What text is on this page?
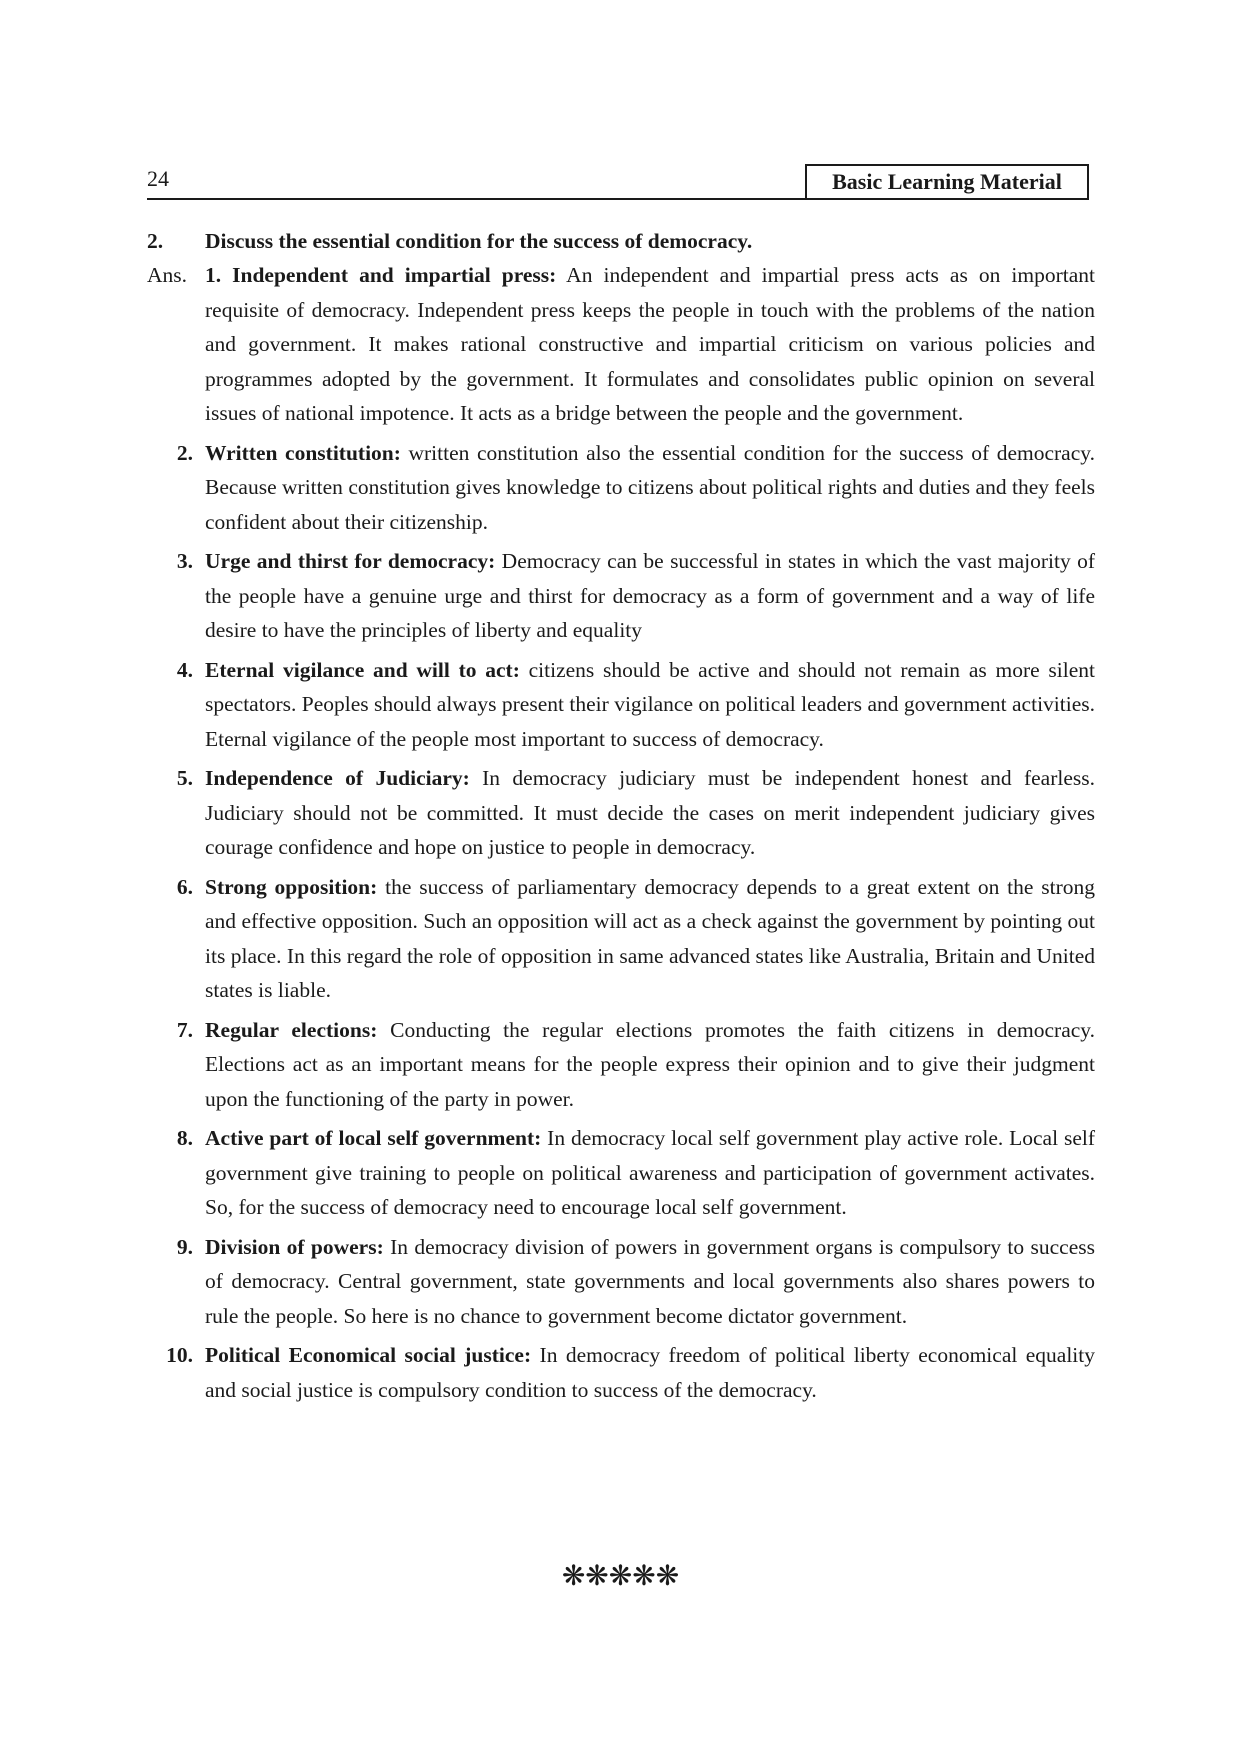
24	Basic Learning Material
2.	Discuss the essential condition for the success of democracy.
Ans. 1. Independent and impartial press: An independent and impartial press acts as on important requisite of democracy. Independent press keeps the people in touch with the problems of the nation and government. It makes rational constructive and impartial criticism on various policies and programmes adopted by the government. It formulates and consolidates public opinion on several issues of national impotence. It acts as a bridge between the people and the government.
2. Written constitution: written constitution also the essential condition for the success of democracy. Because written constitution gives knowledge to citizens about political rights and duties and they feels confident about their citizenship.
3. Urge and thirst for democracy: Democracy can be successful in states in which the vast majority of the people have a genuine urge and thirst for democracy as a form of government and a way of life desire to have the principles of liberty and equality
4. Eternal vigilance and will to act: citizens should be active and should not remain as more silent spectators. Peoples should always present their vigilance on political leaders and government activities. Eternal vigilance of the people most important to success of democracy.
5. Independence of Judiciary: In democracy judiciary must be independent honest and fearless. Judiciary should not be committed. It must decide the cases on merit independent judiciary gives courage confidence and hope on justice to people in democracy.
6. Strong opposition: the success of parliamentary democracy depends to a great extent on the strong and effective opposition. Such an opposition will act as a check against the government by pointing out its place. In this regard the role of opposition in same advanced states like Australia, Britain and United states is liable.
7. Regular elections: Conducting the regular elections promotes the faith citizens in democracy. Elections act as an important means for the people express their opinion and to give their judgment upon the functioning of the party in power.
8. Active part of local self government: In democracy local self government play active role. Local self government give training to people on political awareness and participation of government activates. So, for the success of democracy need to encourage local self government.
9. Division of powers: In democracy division of powers in government organs is compulsory to success of democracy. Central government, state governments and local governments also shares powers to rule the people. So here is no chance to government become dictator government.
10. Political Economical social justice: In democracy freedom of political liberty economical equality and social justice is compulsory condition to success of the democracy.
❋❋❋❋❋
